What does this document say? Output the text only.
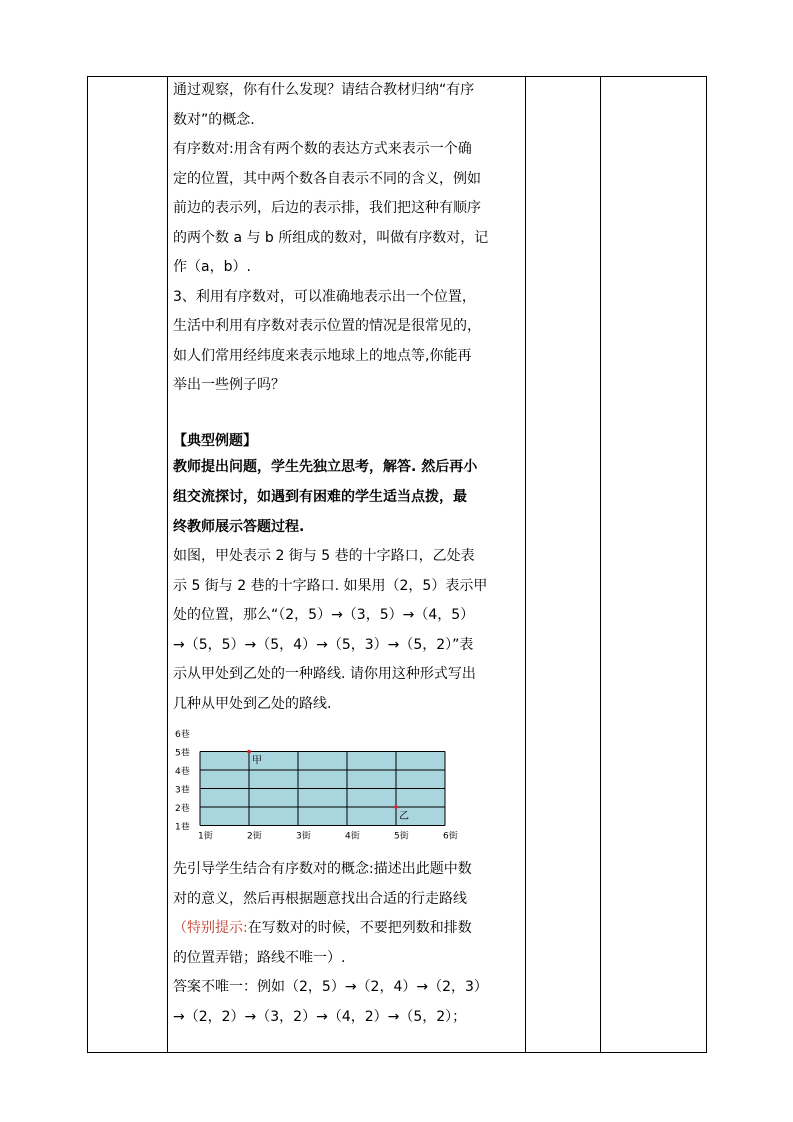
通过观察，你有什么发现？请结合教材归纳“有序

数对”的概念.

有序数对:用含有两个数的表达方式来表示一个确

定的位置，其中两个数各自表示不同的含义，例如

前边的表示列，后边的表示排，我们把这种有顺序

的两个数 a 与 b 所组成的数对，叫做有序数对，记

作（a，b）.

3、利用有序数对，可以准确地表示出一个位置，

生活中利用有序数对表示位置的情况是很常见的，

如人们常用经纬度来表示地球上的地点等,你能再

举出一些例子吗？

【典型例题】

教师提出问题，学生先独立思考，解答. 然后再小

组交流探讨，如遇到有困难的学生适当点拨，最

终教师展示答题过程.

如图，甲处表示 2 街与 5 巷的十字路口，乙处表

示 5 街与 2 巷的十字路口. 如果用（2，5）表示甲

处的位置，那么“（2，5）→（3，5）→（4，5）

→（5，5）→（5，4）→（5，3）→（5，2）”表

示从甲处到乙处的一种路线. 请你用这种形式写出

几种从甲处到乙处的路线.

6巷
5巷
4巷
3巷
2巷
1巷
1街	2街	3街	4街	5街	6街
甲
乙

先引导学生结合有序数对的概念:描述出此题中数

对的意义，然后再根据题意找出合适的行走路线

（特别提示:在写数对的时候，不要把列数和排数

的位置弄错；路线不唯一）.

答案不唯一：例如（2，5）→（2，4）→（2，3）

→（2，2）→（3，2）→（4，2）→（5，2）；
